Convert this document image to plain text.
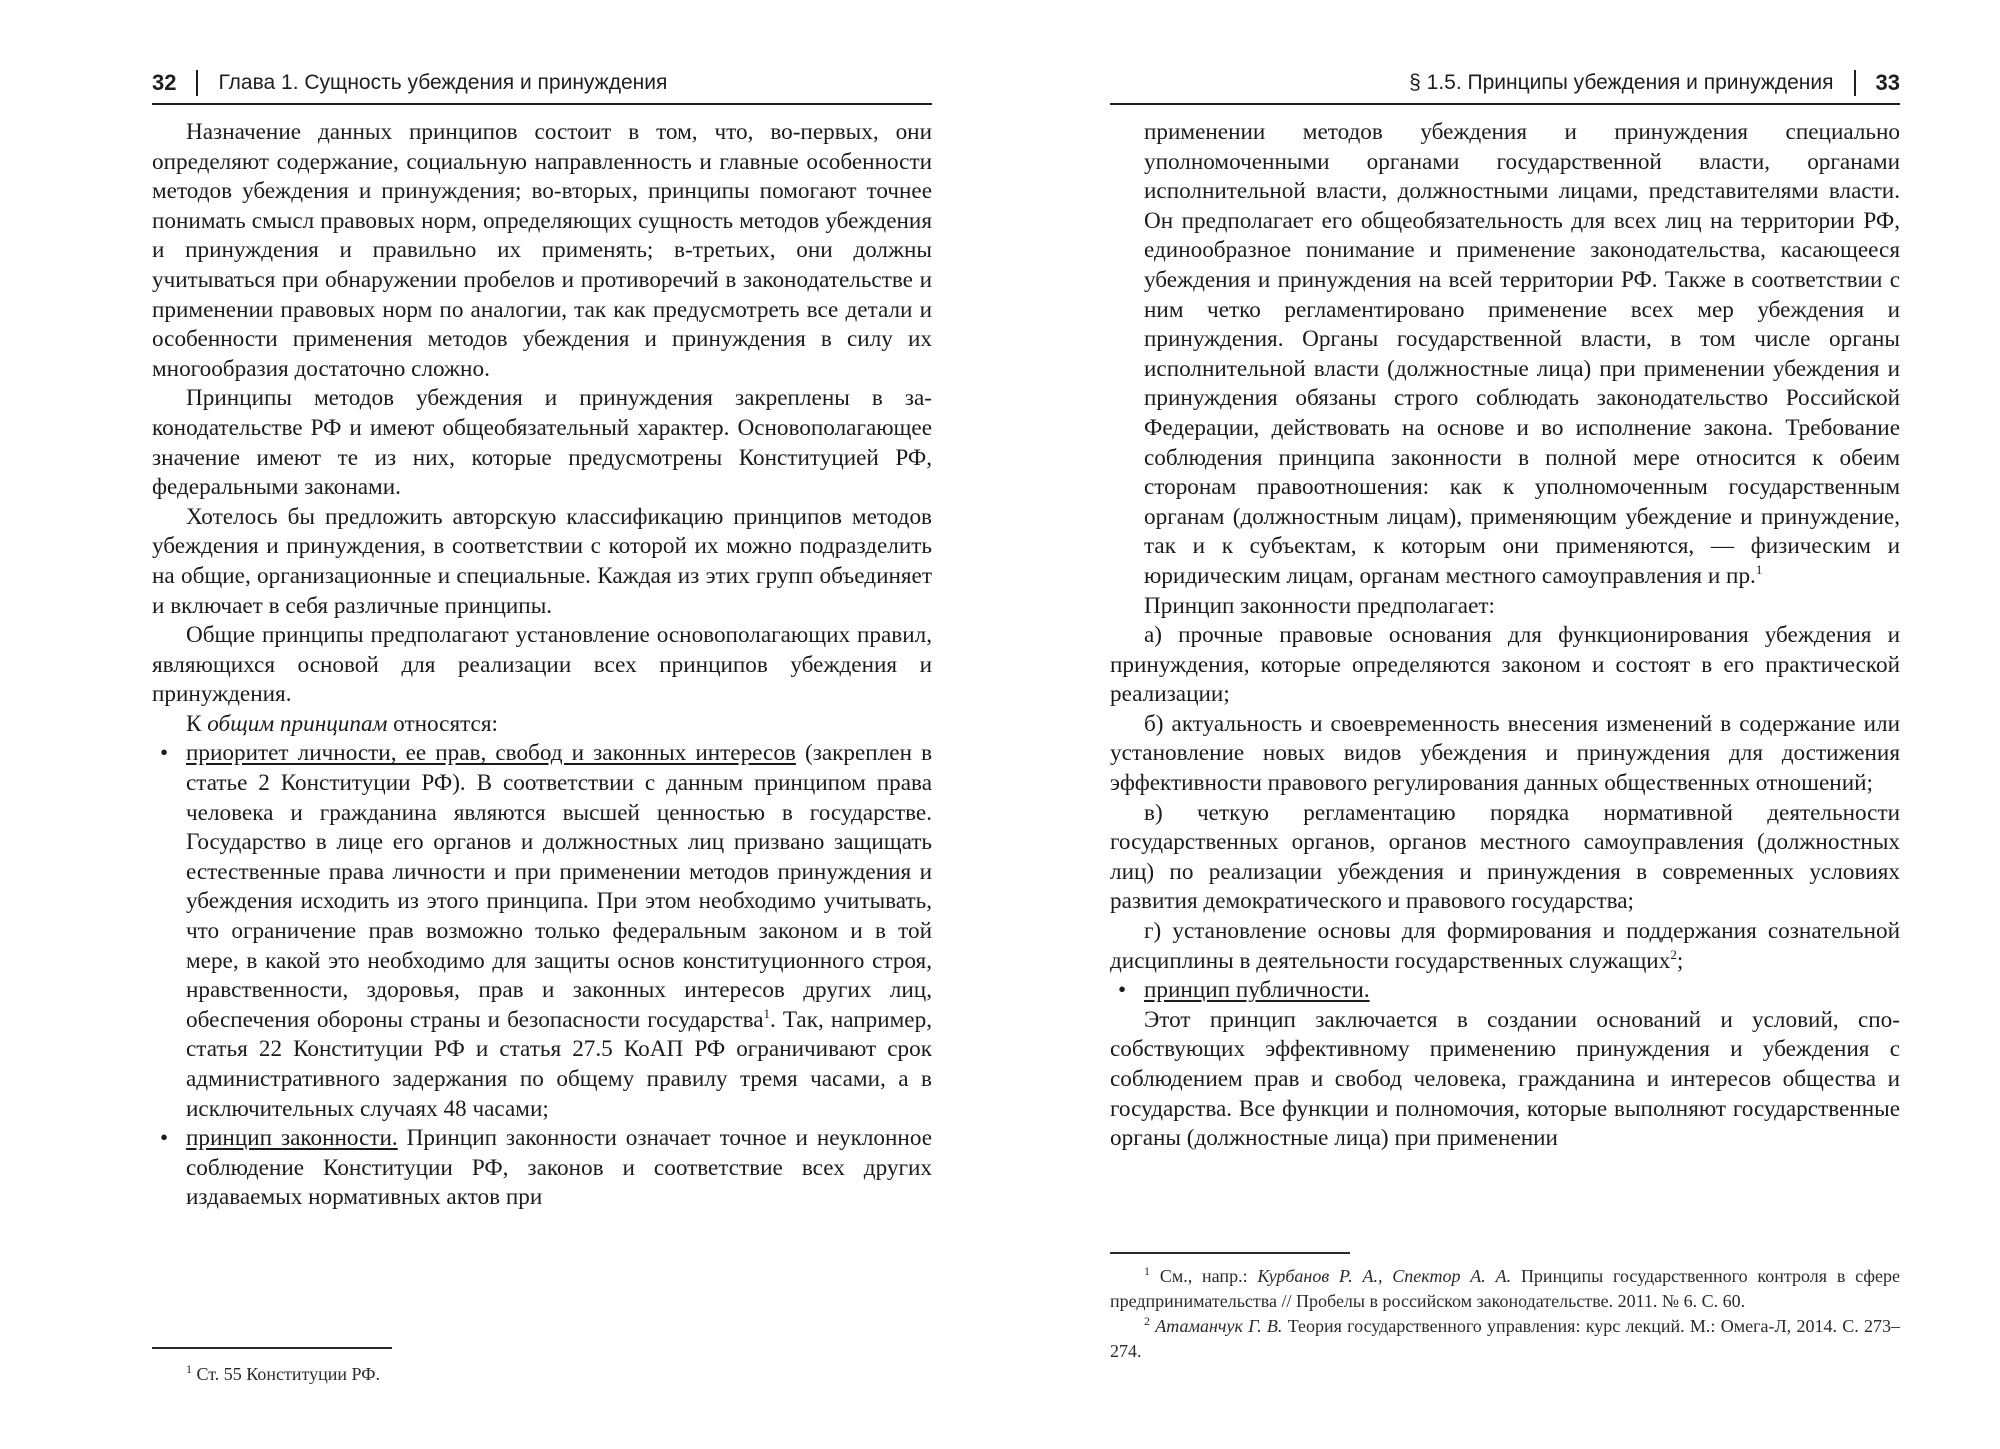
32 Глава 1. Сущность убеждения и принуждения

Назначение данных принципов состоит в том, что, во-первых, они определяют содержание, социальную направленность и главные особенности методов убеждения и принуждения; во-вторых, принципы помогают точнее понимать смысл правовых норм, определяющих сущность методов убеждения и принуждения и правильно их применять; в-третьих, они должны учитываться при обнаружении пробелов и противоречий в законодательстве и применении правовых норм по аналогии, так как предусмотреть все детали и особенности применения методов убеждения и принуждения в силу их многообразия достаточно сложно.

Принципы методов убеждения и принуждения закреплены в законодательстве РФ и имеют общеобязательный характер. Основополагающее значение имеют те из них, которые предусмотрены Конституцией РФ, федеральными законами.

Хотелось бы предложить авторскую классификацию принципов методов убеждения и принуждения, в соответствии с которой их можно подразделить на общие, организационные и специальные. Каждая из этих групп объединяет и включает в себя различные принципы.

Общие принципы предполагают установление основополагающих правил, являющихся основой для реализации всех принципов убеждения и принуждения.

К общим принципам относятся:

• приоритет личности, ее прав, свобод и законных интересов (закреплен в статье 2 Конституции РФ). В соответствии с данным принципом права человека и гражданина являются высшей ценностью в государстве. Государство в лице его органов и должностных лиц призвано защищать естественные права личности и при применении методов принуждения и убеждения исходить из этого принципа. При этом необходимо учитывать, что ограничение прав возможно только федеральным законом и в той мере, в какой это необходимо для защиты основ конституционного строя, нравственности, здоровья, прав и законных интересов других лиц, обеспечения обороны страны и безопасности государства$^1$. Так, например, статья 22 Конституции РФ и статья 27.5 КоАП РФ ограничивают срок административного задержания по общему правилу тремя часами, а в исключительных случаях 48 часами;
• принцип законности. Принцип законности означает точное и неуклонное соблюдение Конституции РФ, законов и соответствие всех других издаваемых нормативных актов при

$^1$ Ст. 55 Конституции РФ.

§ 1.5. Принципы убеждения и принуждения 33

применении методов убеждения и принуждения специально уполномоченными органами государственной власти, органами исполнительной власти, должностными лицами, представителями власти. Он предполагает его общеобязательность для всех лиц на территории РФ, единообразное понимание и применение законодательства, касающееся убеждения и принуждения на всей территории РФ. Также в соответствии с ним четко регламентировано применение всех мер убеждения и принуждения. Органы государственной власти, в том числе органы исполнительной власти (должностные лица) при применении убеждения и принуждения обязаны строго соблюдать законодательство Российской Федерации, действовать на основе и во исполнение закона. Требование соблюдения принципа законности в полной мере относится к обеим сторонам правоотношения: как к уполномоченным государственным органам (должностным лицам), применяющим убеждение и принуждение, так и к субъектам, к которым они применяются, — физическим и юридическим лицам, органам местного самоуправления и пр.$^1$

Принцип законности предполагает:

а) прочные правовые основания для функционирования убеждения и принуждения, которые определяются законом и состоят в его практической реализации;

б) актуальность и своевременность внесения изменений в содержание или установление новых видов убеждения и принуждения для достижения эффективности правового регулирования данных общественных отношений;

в) четкую регламентацию порядка нормативной деятельности государственных органов, органов местного самоуправления (должностных лиц) по реализации убеждения и принуждения в современных условиях развития демократического и правового государства;

г) установление основы для формирования и поддержания сознательной дисциплины в деятельности государственных служащих$^2$;

• принцип публичности.

Этот принцип заключается в создании оснований и условий, способствующих эффективному применению принуждения и убеждения с соблюдением прав и свобод человека, гражданина и интересов общества и государства. Все функции и полномочия, которые выполняют государственные органы (должностные лица) при применении

$^1$ См., напр.: Курбанов Р. А., Спектор А. А. Принципы государственного контроля в сфере предпринимательства // Пробелы в российском законодательстве. 2011. № 6. С. 60.

$^2$ Атаманчук Г. В. Теория государственного управления: курс лекций. М.: Омега-Л, 2014. С. 273–274.
